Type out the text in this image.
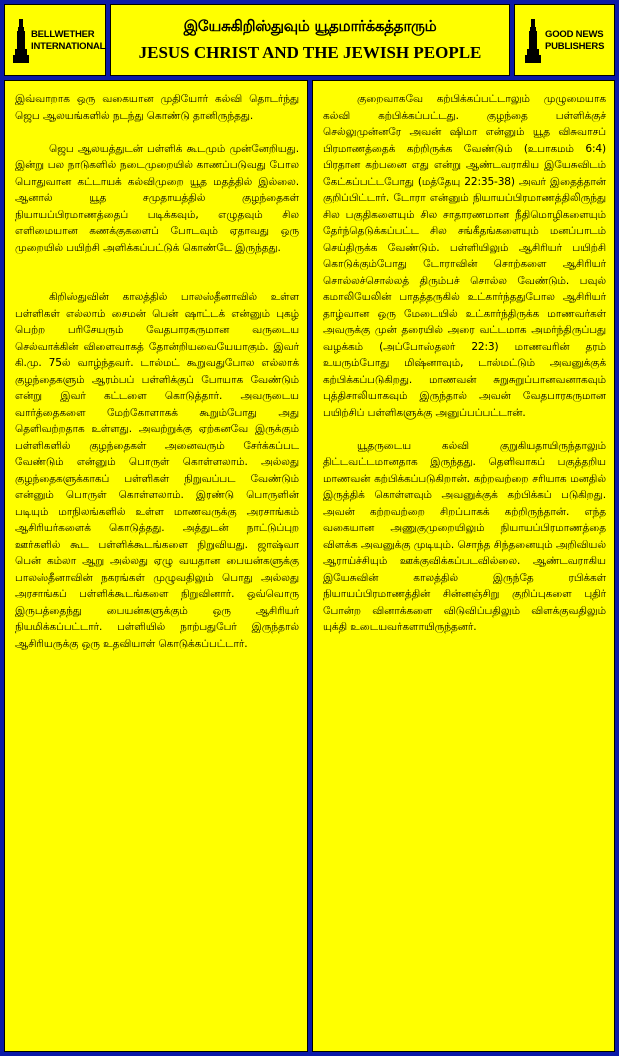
BELLWETHER
INTERNATIONAL
இயேசுகிறிஸ்துவும் யூதமார்க்கத்தாரும்
JESUS CHRIST AND THE JEWISH PEOPLE
GOOD NEWS
PUBLISHERS

இவ்வாறாக ஒரு வகையான முதியோர் கல்வி தொடர்ந்து ஜெப ஆலயங்களில் நடந்து கொண்டு தானிருந்தது.

ஜெப ஆலயத்துடன் பள்ளிக் கூடமும் முன்னேறியது. இன்று பல நாடுகளில் நடைமுறையில் காணப்படுவது போல பொதுவான கட்டாயக் கல்விமுறை யூத மதத்தில் இல்லை. ஆனால் யூத சமுதாயத்தில் குழந்தைகள் நியாயப்பிரமாணத்தைப் படிக்கவும், எழுதவும் சில எளிமையான கணக்குகளைப் போடவும் ஏதாவது ஒரு முறையில் பயிற்சி அளிக்கப்பட்டுக் கொண்டே இருந்தது.

கிறிஸ்துவின் காலத்தில் பாலஸ்தீனாவில் உள்ள பள்ளிகள் எல்லாம் சைமன் பென் ஷாட்டக் என்னும் புகழ் பெற்ற பரிசேயரும் வேதபாரகருமான வருடைய செல்வாக்கின் விளைவாகத் தோன்றியவையேயாகும். இவர் கி.மு. 75ல் வாழ்ந்தவர். டால்மட் கூறுவதுபோல எல்லாக் குழந்தைகளும் ஆரம்பப் பள்ளிக்குப் போயாக வேண்டும் என்று இவர் கட்டளை கொடுத்தார். அவருடைய வார்த்தைகளை மேற்கோளாகக் கூறும்போது அது தெளிவற்றதாக உள்ளது. அவற்றுக்கு ஏற்கனவே இருக்கும் பள்ளிகளில் குழந்தைகள் அனைவரும் சேர்க்கப்பட வேண்டும் என்னும் பொருள் கொள்ளலாம். அல்லது குழந்தைகளுக்காகப் பள்ளிகள் நிறுவப்பட வேண்டும் என்னும் பொருள் கொள்ளலாம். இரண்டு பொருளின் படியும் மாநிலங்களில் உள்ள மாணவருக்கு அரசாங்கம் ஆசிரியர்களைக் கொடுத்தது. அத்துடன் நாட்டுப்புற ஊர்களில் கூட பள்ளிக்கூடங்களை நிறுவியது. ஜாஷ்வா பென் கம்லா ஆறு அல்லது ஏழு வயதான பையன்களுக்கு பாலஸ்தீனாவின் நகரங்கள் முழுவதிலும் பொது அல்லது அரசாங்கப் பள்ளிக்கூடங்களை நிறுவினார். ஒவ்வொரு இருபத்தைந்து பையன்களுக்கும் ஒரு ஆசிரியர் நியமிக்கப்பட்டார். பள்ளியில் நாற்பதுபேர் இருந்தால் ஆசிரியருக்கு ஒரு உதவியாள் கொடுக்கப்பட்டார்.

குறைவாகவே கற்பிக்கப்பட்டாலும் முழுமையாக கல்வி கற்பிக்கப்பட்டது. குழந்தை பள்ளிக்குச் செல்லுமுன்னரே அவன் ஷிமா என்னும் யூத விசுவாசப் பிரமாணத்தைக் கற்றிருக்க வேண்டும் (உபாகமம் 6:4) பிரதான கற்பனை எது என்று ஆண்டவராகிய இயேசுவிடம் கேட்கப்பட்டபோது (மத்தேயு 22:35-38) அவர் இதைத்தான் குறிப்பிட்டார். டோரா என்னும் நியாயப்பிரமாணத்திலிருந்து சில பகுதிகளையும் சில சாதாரணமான நீதிமொழிகளையும் தேர்ந்தெடுக்கப்பட்ட சில சங்கீதங்களையும் மனப்பாடம் செய்திருக்க வேண்டும். பள்ளியிலும் ஆசிரியர் பயிற்சி கொடுக்கும்போது டோராவின் சொற்களை ஆசிரியர் சொல்லச்சொல்லத் திரும்பச் சொல்ல வேண்டும். பவுல் கமாலியேலின் பாதத்தருகில் உட்கார்ந்ததுபோல ஆசிரியர் தாழ்வான ஒரு மேடையில் உட்கார்ந்திருக்க மாணவர்கள் அவருக்கு முன் தரையில் அரை வட்டமாக அமர்ந்திருப்பது வழக்கம் (அப்போஸ்தலர் 22:3) மாணவரின் தரம் உயரும்போது மிஷ்னாவும், டால்மட்டும் அவனுக்குக் கற்பிக்கப்படுகிறது. மாணவன் சுறுசுறுப்பானவனாகவும் புத்திசாலியாகவும் இருந்தால் அவன் வேதபாரகருமான பயிற்சிப் பள்ளிகளுக்கு அனுப்பப்பட்டான்.

யூதருடைய கல்வி குறுகியதாயிருந்தாலும் திட்டவட்டமானதாக இருந்தது. தெளிவாகப் பகுத்தறிய மாணவன் கற்பிக்கப்படுகிறான். கற்றவற்றை சரியாக மனதில் இருத்திக் கொள்ளவும் அவனுக்குக் கற்பிக்கப் படுகிறது. அவன் கற்றவற்றை சிறப்பாகக் கற்றிருந்தான். எந்த வகையான அணுகுமுறையிலும் நியாயப்பிரமாணத்தை விளக்க அவனுக்கு முடியும். சொந்த சிந்தனையும் அறிவியல் ஆராய்ச்சியும் ஊக்குவிக்கப்படவில்லை. ஆண்டவராகிய இயேசுவின் காலத்தில் இருந்தே ரபிக்கள் நியாயப்பிரமாணத்தின் சின்னஞ்சிறு குறிப்புகளை புதிர் போன்ற வினாக்களை விடுவிப்பதிலும் விளக்குவதிலும் யுக்தி உடையவர்களாயிருந்தனர்.
